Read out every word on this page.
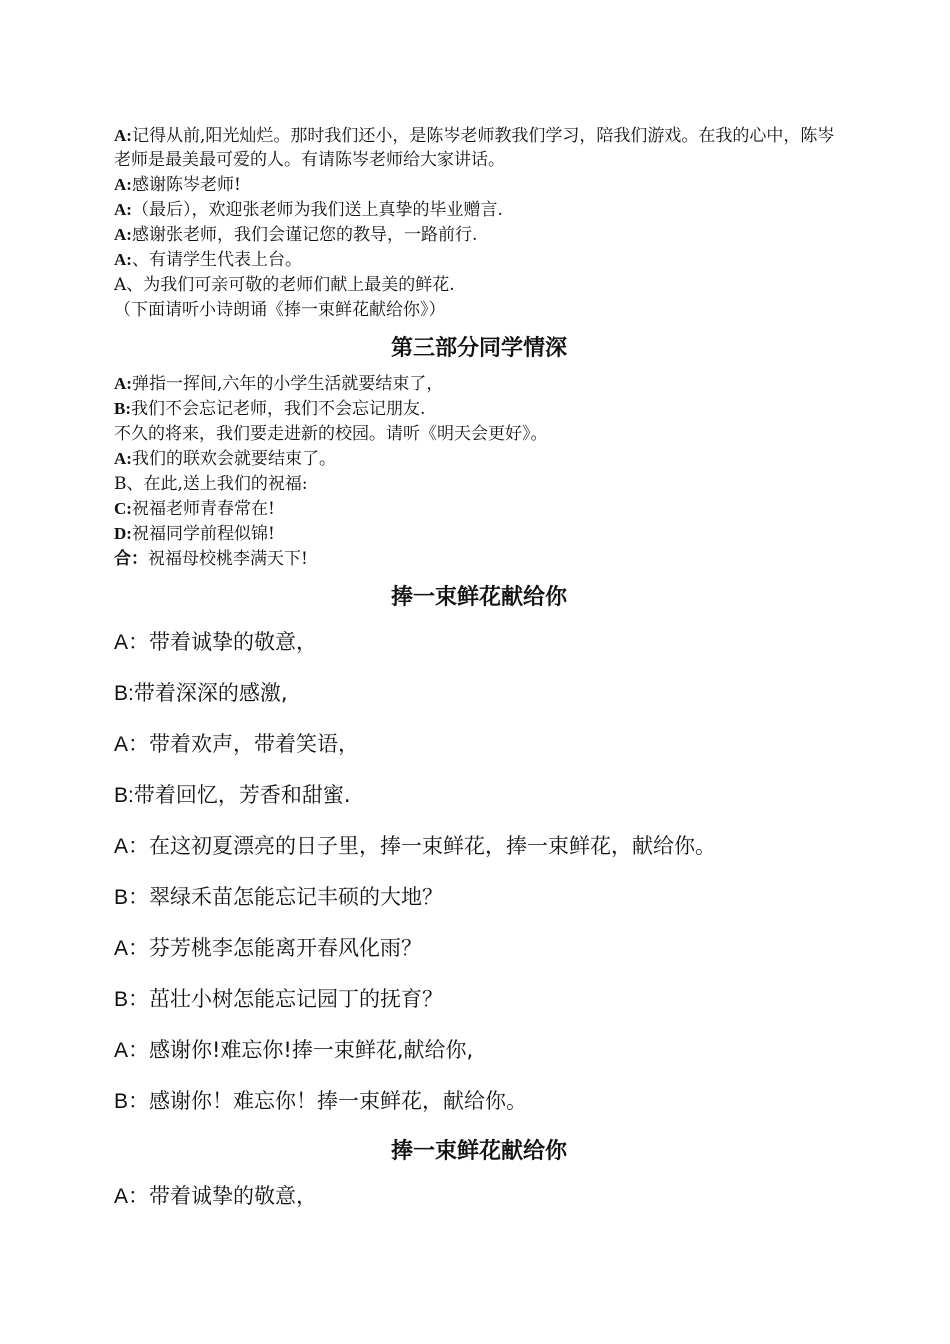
A:记得从前,阳光灿烂。那时我们还小，是陈岑老师教我们学习，陪我们游戏。在我的心中，陈岑老师是最美最可爱的人。有请陈岑老师给大家讲话。
A:感谢陈岑老师!
A:（最后），欢迎张老师为我们送上真挚的毕业赠言.
A:感谢张老师，我们会谨记您的教导，一路前行.
A:、有请学生代表上台。
A、为我们可亲可敬的老师们献上最美的鲜花.
（下面请听小诗朗诵《捧一束鲜花献给你》）
第三部分同学情深
A:弹指一挥间,六年的小学生活就要结束了，
B:我们不会忘记老师，我们不会忘记朋友.
不久的将来，我们要走进新的校园。请听《明天会更好》。
A:我们的联欢会就要结束了。
B、在此,送上我们的祝福:
C:祝福老师青春常在!
D:祝福同学前程似锦!
合：祝福母校桃李满天下!
捧一束鲜花献给你
A：带着诚挚的敬意，
B:带着深深的感激,
A：带着欢声，带着笑语，
B:带着回忆，芳香和甜蜜.
A：在这初夏漂亮的日子里，捧一束鲜花，捧一束鲜花，献给你。
B：翠绿禾苗怎能忘记丰硕的大地？
A：芬芳桃李怎能离开春风化雨？
B：茁壮小树怎能忘记园丁的抚育？
A：感谢你!难忘你!捧一束鲜花,献给你,
B：感谢你！难忘你！捧一束鲜花，献给你。
捧一束鲜花献给你
A：带着诚挚的敬意，
